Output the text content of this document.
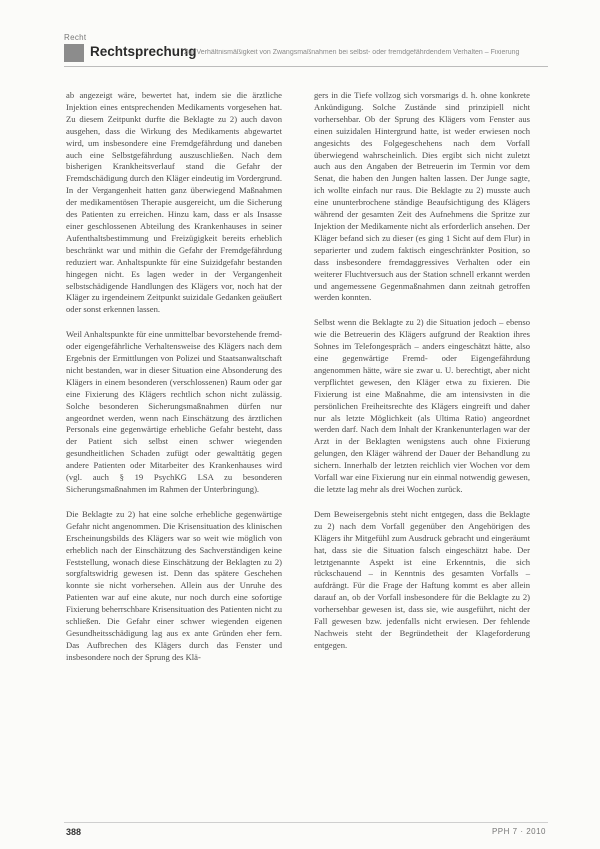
Recht
Rechtsprechung
Zur Verhältnismäßigkeit von Zwangsmaßnahmen bei selbst- oder fremdgefährdendem Verhalten – Fixierung

ab angezeigt wäre, bewertet hat, indem sie die ärztliche Injektion eines entsprechenden Medikaments vorgesehen hat. Zu diesem Zeitpunkt durfte die Beklagte zu 2) auch davon ausgehen, dass die Wirkung des Medikaments abgewartet wird, um insbesondere eine Fremdgefährdung und daneben auch eine Selbstgefährdung auszuschließen. Nach dem bisherigen Krankheitsverlauf stand die Gefahr der Fremdschädigung durch den Kläger eindeutig im Vordergrund. In der Vergangenheit hatten ganz überwiegend Maßnahmen der medikamentösen Therapie ausgereicht, um die Sicherung des Patienten zu erreichen. Hinzu kam, dass er als Insasse einer geschlossenen Abteilung des Krankenhauses in seiner Aufenthaltsbestimmung und Freizügigkeit bereits erheblich beschränkt war und mithin die Gefahr der Fremdgefährdung reduziert war. Anhaltspunkte für eine Suizidgefahr bestanden hingegen nicht. Es lagen weder in der Vergangenheit selbstschädigende Handlungen des Klägers vor, noch hat der Kläger zu irgendeinem Zeitpunkt suizidale Gedanken geäußert oder sonst erkennen lassen.

Weil Anhaltspunkte für eine unmittelbar bevorstehende fremd- oder eigengefährliche Verhaltensweise des Klägers nach dem Ergebnis der Ermittlungen von Polizei und Staatsanwaltschaft nicht bestanden, war in dieser Situation eine Absonderung des Klägers in einem besonderen (verschlossenen) Raum oder gar eine Fixierung des Klägers rechtlich schon nicht zulässig. Solche besonderen Sicherungsmaßnahmen dürfen nur angeordnet werden, wenn nach Einschätzung des ärztlichen Personals eine gegenwärtige erhebliche Gefahr besteht, dass der Patient sich selbst einen schwer wiegenden gesundheitlichen Schaden zufügt oder gewalttätig gegen andere Patienten oder Mitarbeiter des Krankenhauses wird (vgl. auch § 19 PsychKG LSA zu besonderen Sicherungsmaßnahmen im Rahmen der Unterbringung).

Die Beklagte zu 2) hat eine solche erhebliche gegenwärtige Gefahr nicht angenommen. Die Krisensituation des klinischen Erscheinungsbilds des Klägers war so weit wie möglich von erheblich nach der Einschätzung des Sachverständigen keine Feststellung, wonach diese Einschätzung der Beklagten zu 2) sorgfaltswidrig gewesen ist. Denn das spätere Geschehen konnte sie nicht vorhersehen. Allein aus der Unruhe des Patienten war auf eine akute, nur noch durch eine sofortige Fixierung beherrschbare Krisensituation des Patienten nicht zu schließen. Die Gefahr einer schwer wiegenden eigenen Gesundheitsschädigung lag aus ex ante Gründen eher fern. Das Aufbrechen des Klägers durch das Fenster und insbesondere noch der Sprung des Klä-

gers in die Tiefe vollzog sich vorsmarigs d. h. ohne konkrete Ankündigung. Solche Zustände sind prinzipiell nicht vorhersehbar. Ob der Sprung des Klägers vom Fenster aus einen suizidalen Hintergrund hatte, ist weder erwiesen noch angesichts des Folgegeschehens nach dem Vorfall überwiegend wahrscheinlich. Dies ergibt sich nicht zuletzt auch aus den Angaben der Betreuerin im Termin vor dem Senat, die haben den Jungen halten lassen. Der Junge sagte, ich wollte einfach nur raus. Die Beklagte zu 2) musste auch eine ununterbrochene ständige Beaufsichtigung des Klägers während der gesamten Zeit des Aufnehmens die Spritze zur Injektion der Medikamente nicht als erforderlich ansehen. Der Kläger befand sich zu dieser (es ging 1 Sicht auf dem Flur) in separierter und zudem faktisch eingeschränkter Position, so dass insbesondere fremdaggressives Verhalten oder ein weiterer Fluchtversuch aus der Station schnell erkannt werden und angemessene Gegenmaßnahmen dann zeitnah getroffen werden konnten.

Selbst wenn die Beklagte zu 2) die Situation jedoch – ebenso wie die Betreuerin des Klägers aufgrund der Reaktion ihres Sohnes im Telefongespräch – anders eingeschätzt hätte, also eine gegenwärtige Fremd- oder Eigengefährdung angenommen hätte, wäre sie zwar u. U. berechtigt, aber nicht verpflichtet gewesen, den Kläger etwa zu fixieren. Die Fixierung ist eine Maßnahme, die am intensivsten in die persönlichen Freiheitsrechte des Klägers eingreift und daher nur als letzte Möglichkeit (als Ultima Ratio) angeordnet werden darf. Nach dem Inhalt der Krankenunterlagen war der Arzt in der Beklagten wenigstens auch ohne Fixierung gelungen, den Kläger während der Dauer der Behandlung zu sichern. Innerhalb der letzten reichlich vier Wochen vor dem Vorfall war eine Fixierung nur ein einmal notwendig gewesen, die letzte lag mehr als drei Wochen zurück.

Dem Beweisergebnis steht nicht entgegen, dass die Beklagte zu 2) nach dem Vorfall gegenüber den Angehörigen des Klägers ihr Mitgefühl zum Ausdruck gebracht und eingeräumt hat, dass sie die Situation falsch eingeschätzt habe. Der letztgenannte Aspekt ist eine Erkenntnis, die sich rückschauend – in Kenntnis des gesamten Vorfalls – aufdrängt. Für die Frage der Haftung kommt es aber allein darauf an, ob der Vorfall insbesondere für die Beklagte zu 2) vorhersehbar gewesen ist, dass sie, wie ausgeführt, nicht der Fall gewesen bzw. jedenfalls nicht erwiesen. Der fehlende Nachweis steht der Begründetheit der Klageforderung entgegen.

388	PPH 7 · 2010
